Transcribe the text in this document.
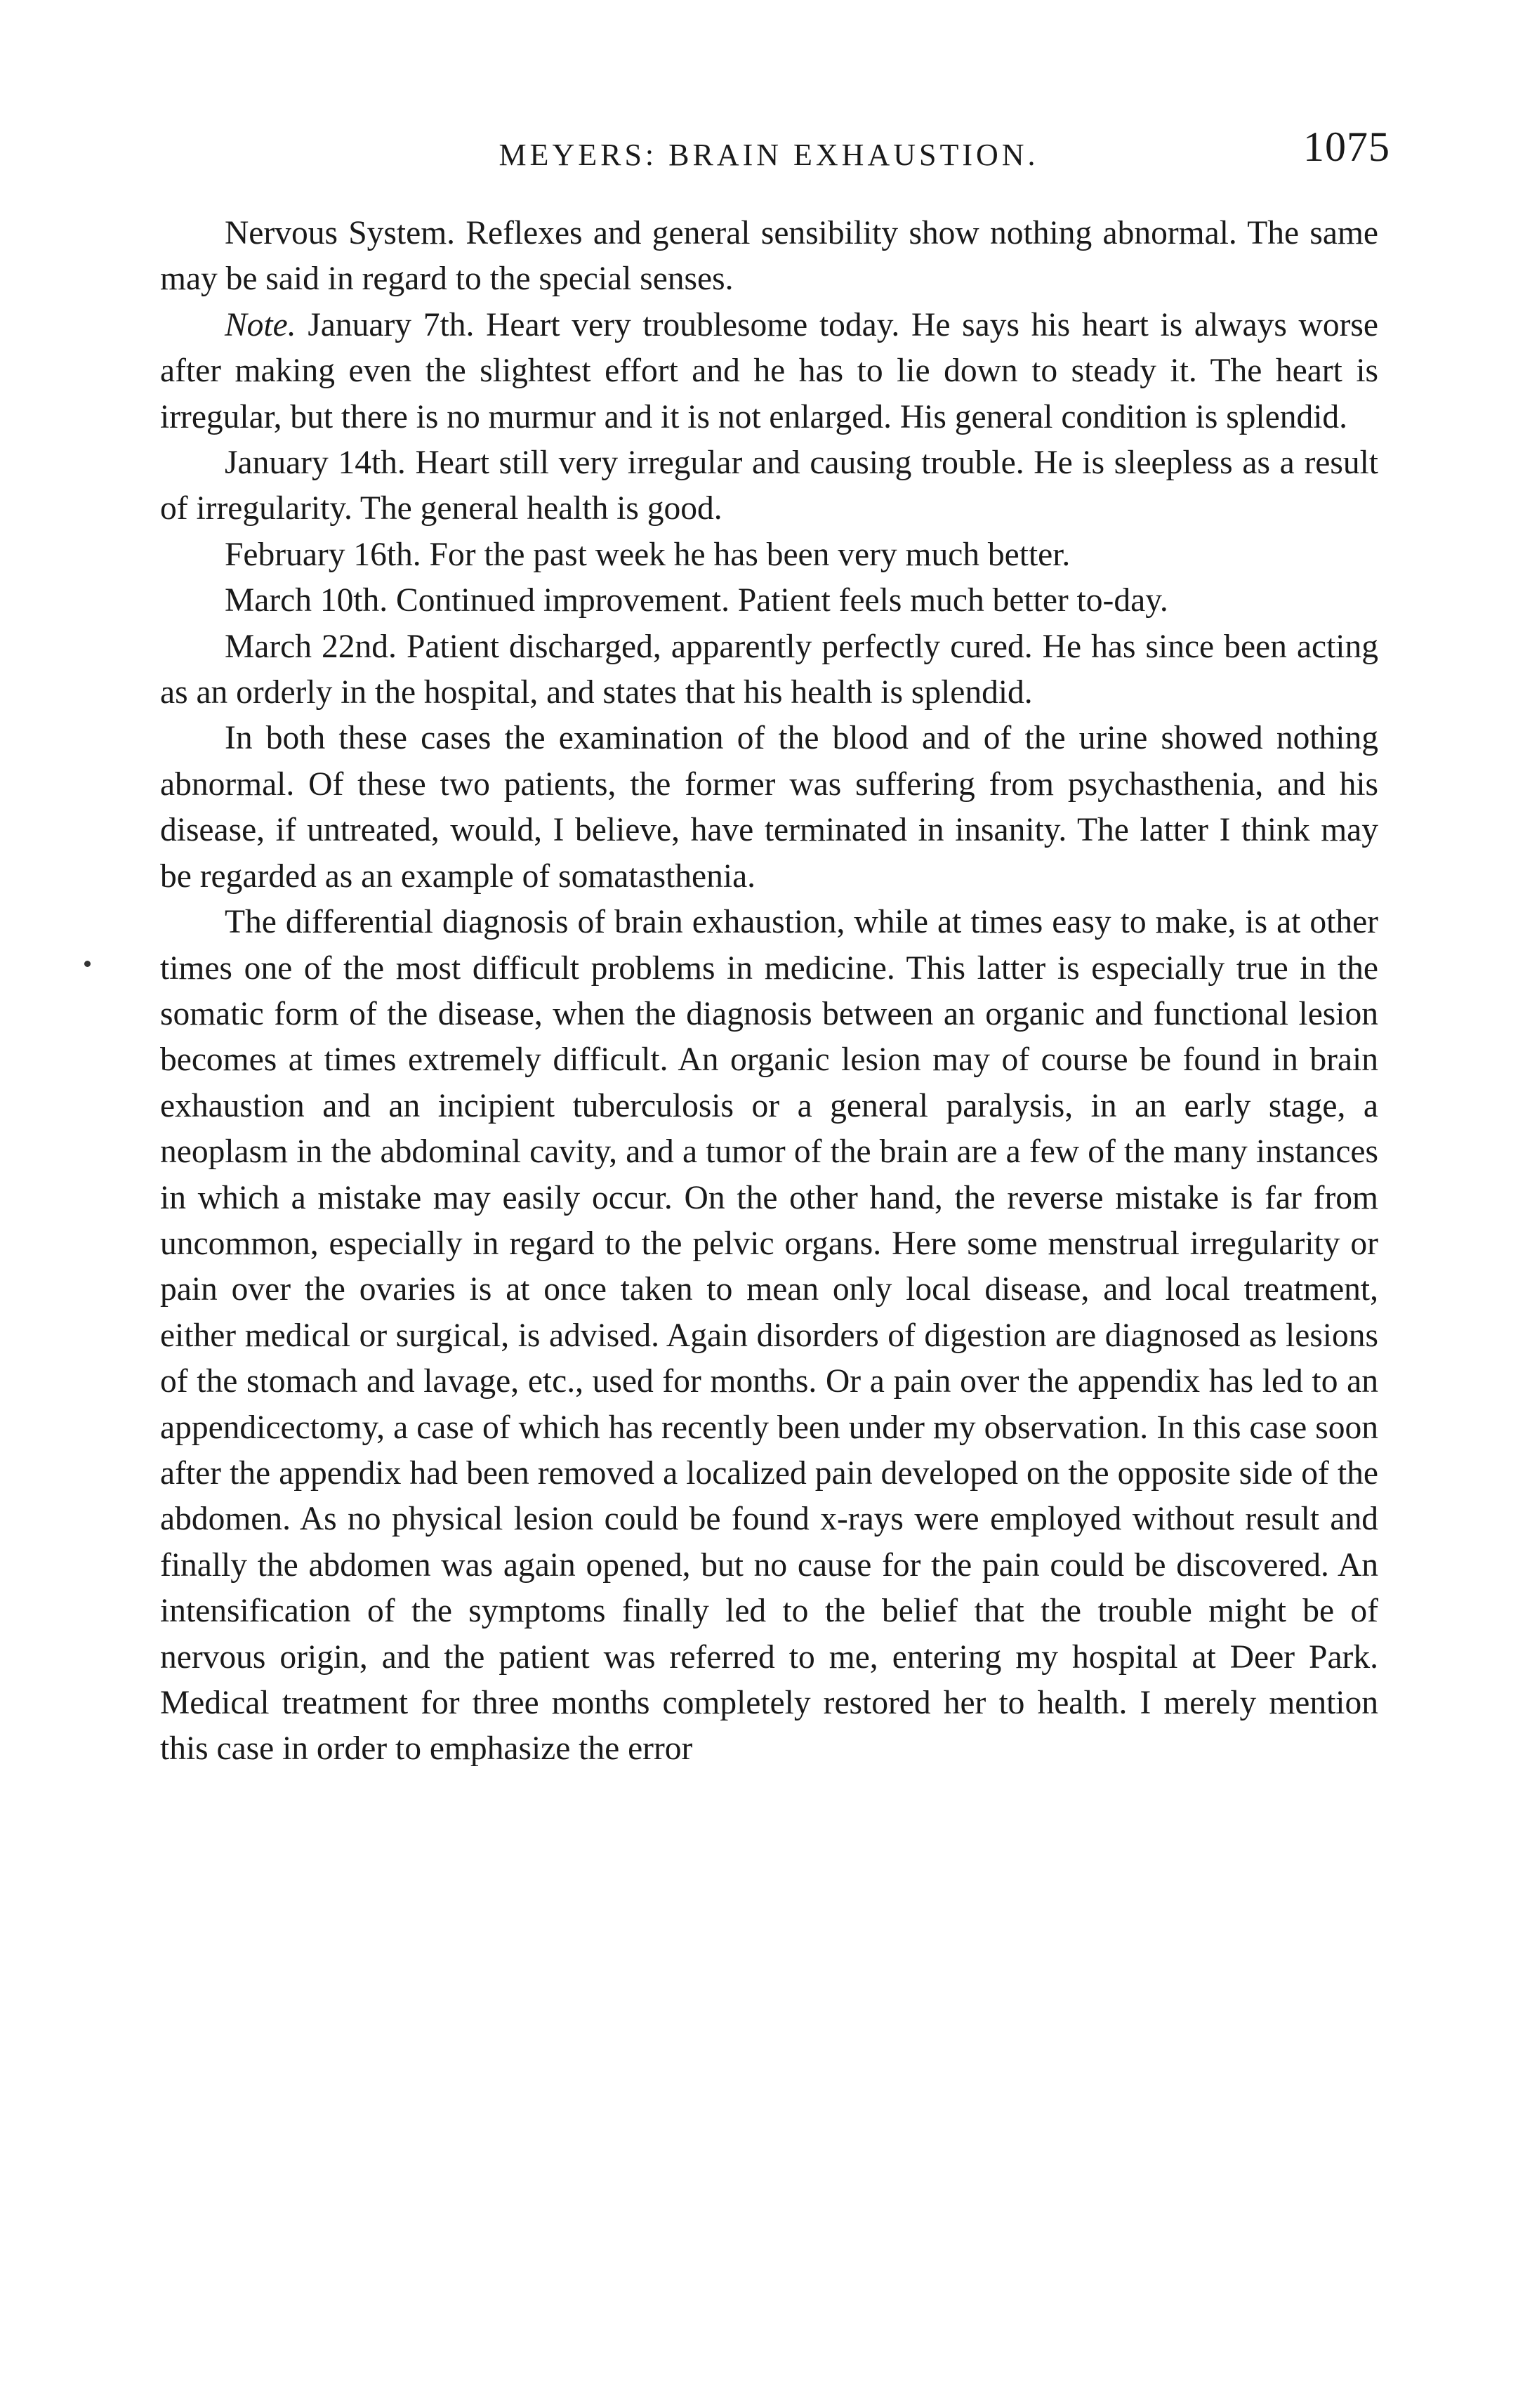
MEYERS: BRAIN EXHAUSTION.	1075

Nervous System. Reflexes and general sensibility show nothing abnormal. The same may be said in regard to the special senses.

Note. January 7th. Heart very troublesome today. He says his heart is always worse after making even the slightest effort and he has to lie down to steady it. The heart is irregular, but there is no murmur and it is not enlarged. His general condition is splendid.

January 14th. Heart still very irregular and causing trouble. He is sleepless as a result of irregularity. The general health is good.

February 16th. For the past week he has been very much better.

March 10th. Continued improvement. Patient feels much better to-day.

March 22nd. Patient discharged, apparently perfectly cured. He has since been acting as an orderly in the hospital, and states that his health is splendid.

In both these cases the examination of the blood and of the urine showed nothing abnormal. Of these two patients, the former was suffering from psychasthenia, and his disease, if untreated, would, I believe, have terminated in insanity. The latter I think may be regarded as an example of somatasthenia.

The differential diagnosis of brain exhaustion, while at times easy to make, is at other times one of the most difficult problems in medicine. This latter is especially true in the somatic form of the disease, when the diagnosis between an organic and functional lesion becomes at times extremely difficult. An organic lesion may of course be found in brain exhaustion and an incipient tuberculosis or a general paralysis, in an early stage, a neoplasm in the abdominal cavity, and a tumor of the brain are a few of the many instances in which a mistake may easily occur. On the other hand, the reverse mistake is far from uncommon, especially in regard to the pelvic organs. Here some menstrual irregularity or pain over the ovaries is at once taken to mean only local disease, and local treatment, either medical or surgical, is advised. Again disorders of digestion are diagnosed as lesions of the stomach and lavage, etc., used for months. Or a pain over the appendix has led to an appendicectomy, a case of which has recently been under my observation. In this case soon after the appendix had been removed a localized pain developed on the opposite side of the abdomen. As no physical lesion could be found x-rays were employed without result and finally the abdomen was again opened, but no cause for the pain could be discovered. An intensification of the symptoms finally led to the belief that the trouble might be of nervous origin, and the patient was referred to me, entering my hospital at Deer Park. Medical treatment for three months completely restored her to health. I merely mention this case in order to emphasize the error
